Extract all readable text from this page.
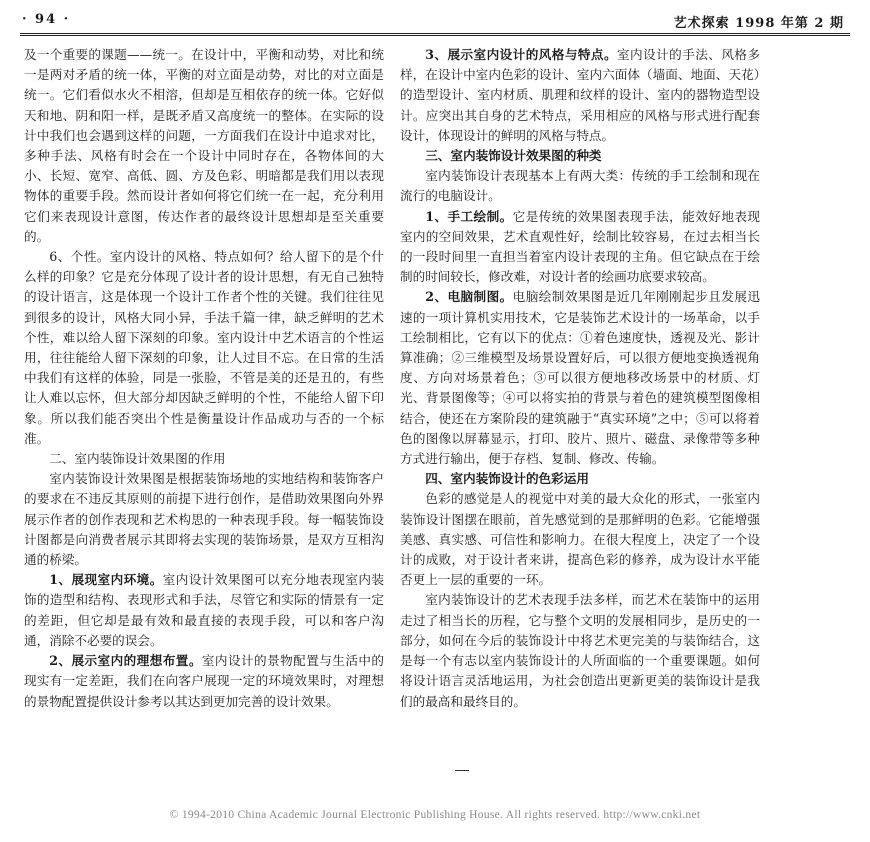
· 94 ·	艺术探索 1998 年第 2 期

及一个重要的课题——统一。在设计中，平衡和动势，对比和统一是两对矛盾的统一体，平衡的对立面是动势，对比的对立面是统一。它们看似水火不相溶，但却是互相依存的统一体。它好似天和地、阴和阳一样，是既矛盾又高度统一的整体。在实际的设计中我们也会遇到这样的问题，一方面我们在设计中追求对比，多种手法、风格有时会在一个设计中同时存在，各物体间的大小、长短、宽窄、高低、圆、方及色彩、明暗都是我们用以表现物体的重要手段。然而设计者如何将它们统一在一起，充分利用它们来表现设计意图，传达作者的最终设计思想却是至关重要的。

6、个性。室内设计的风格、特点如何？给人留下的是个什么样的印象？它是充分体现了设计者的设计思想，有无自己独特的设计语言，这是体现一个设计工作者个性的关键。我们往往见到很多的设计，风格大同小异，手法千篇一律，缺乏鲜明的艺术个性，难以给人留下深刻的印象。室内设计中艺术语言的个性运用，往往能给人留下深刻的印象，让人过目不忘。在日常的生活中我们有这样的体验，同是一张脸，不管是美的还是丑的，有些让人难以忘怀，但大部分却因缺乏鲜明的个性，不能给人留下印象。所以我们能否突出个性是衡量设计作品成功与否的一个标准。

二、室内装饰设计效果图的作用

室内装饰设计效果图是根据装饰场地的实地结构和装饰客户的要求在不违反其原则的前提下进行创作，是借助效果图向外界展示作者的创作表现和艺术构思的一种表现手段。每一幅装饰设计图都是向消费者展示其即将去实现的装饰场景，是双方互相沟通的桥梁。

1、展现室内环境。室内设计效果图可以充分地表现室内装饰的造型和结构、表现形式和手法，尽管它和实际的情景有一定的差距，但它却是最有效和最直接的表现手段，可以和客户沟通，消除不必要的误会。

2、展示室内的理想布置。室内设计的景物配置与生活中的现实有一定差距，我们在向客户展现一定的环境效果时，对理想的景物配置提供设计参考以其达到更加完善的设计效果。

3、展示室内设计的风格与特点。室内设计的手法、风格多样，在设计中室内色彩的设计、室内六面体（墙面、地面、天花）的造型设计、室内材质、肌理和纹样的设计、室内的器物造型设计。应突出其自身的艺术特点，采用相应的风格与形式进行配套设计，体现设计的鲜明的风格与特点。

三、室内装饰设计效果图的种类

室内装饰设计表现基本上有两大类：传统的手工绘制和现在流行的电脑设计。

1、手工绘制。它是传统的效果图表现手法，能效好地表现室内的空间效果，艺术直观性好，绘制比较容易，在过去相当长的一段时间里一直担当着室内设计表现的主角。但它缺点在于绘制的时间较长，修改难，对设计者的绘画功底要求较高。

2、电脑制图。电脑绘制效果图是近几年刚刚起步且发展迅速的一项计算机实用技术，它是装饰艺术设计的一场革命，以手工绘制相比，它有以下的优点：①着色速度快，透视及光、影计算准确；②三维模型及场景设置好后，可以很方便地变换透视角度、方向对场景着色；③可以很方便地移改场景中的材质、灯光、背景图像等；④可以将实拍的背景与着色的建筑模型图像相结合，使还在方案阶段的建筑融于“真实环境”之中；⑤可以将着色的图像以屏幕显示，打印、胶片、照片、磁盘、录像带等多种方式进行输出，便于存档、复制、修改、传输。

四、室内装饰设计的色彩运用

色彩的感觉是人的视觉中对美的最大众化的形式，一张室内装饰设计图摆在眼前，首先感觉到的是那鲜明的色彩。它能增强美感、真实感、可信性和影响力。在很大程度上，决定了一个设计的成败，对于设计者来讲，提高色彩的修养，成为设计水平能否更上一层的重要的一环。

室内装饰设计的艺术表现手法多样，而艺术在装饰中的运用走过了相当长的历程，它与整个文明的发展相同步，是历史的一部分，如何在今后的装饰设计中将艺术更完美的与装饰结合，这是每一个有志以室内装饰设计的人所面临的一个重要课题。如何将设计语言灵活地运用，为社会创造出更新更美的装饰设计是我们的最高和最终目的。

© 1994-2010 China Academic Journal Electronic Publishing House. All rights reserved. http://www.cnki.net
